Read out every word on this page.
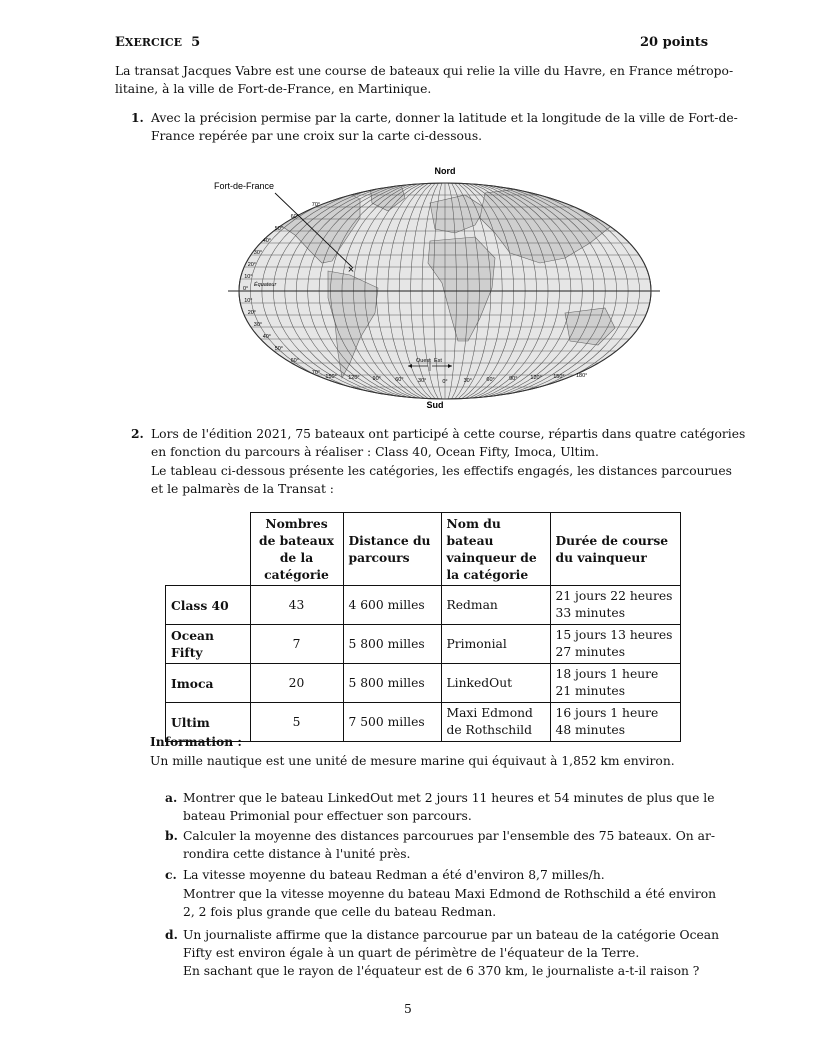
EXERCICE 5	20 points
La transat Jacques Vabre est une course de bateaux qui relie la ville du Havre, en France métropo-
litaine, à la ville de Fort-de-France, en Martinique.
1. Avec la précision permise par la carte, donner la latitude et la longitude de la ville de Fort-de-
France repérée par une croix sur la carte ci-dessous.
Nord
Sud
Fort-de-France
×
Équateur
70°
60°
50°
40°
30°
20°
10°
0°
10°
20°
30°
40°
50°
60°
70°
150° 120° 90°	60°	30°	0°	30°	60°	90° 120° 150° 180°
Ouest Est
2. Lors de l'édition 2021, 75 bateaux ont participé à cette course, répartis dans quatre catégories
en fonction du parcours à réaliser : Class 40, Ocean Fifty, Imoca, Ultim.
Le tableau ci-dessous présente les catégories, les effectifs engagés, les distances parcourues
et le palmarès de la Transat :
	Nombres de bateaux de la catégorie	Distance du parcours	Nom du bateau vainqueur de la catégorie	Durée de course du vainqueur
Class 40	43	4 600 milles	Redman	21 jours 22 heures 33 minutes
Ocean Fifty	7	5 800 milles	Primonial	15 jours 13 heures 27 minutes
Imoca	20	5 800 milles	LinkedOut	18 jours 1 heure 21 minutes
Ultim	5	7 500 milles	Maxi Edmond de Rothschild	16 jours 1 heure 48 minutes
Information :
Un mille nautique est une unité de mesure marine qui équivaut à 1,852 km environ.
a. Montrer que le bateau LinkedOut met 2 jours 11 heures et 54 minutes de plus que le
bateau Primonial pour effectuer son parcours.
b. Calculer la moyenne des distances parcourues par l'ensemble des 75 bateaux. On ar-
rondira cette distance à l'unité près.
c. La vitesse moyenne du bateau Redman a été d'environ 8,7 milles/h.
Montrer que la vitesse moyenne du bateau Maxi Edmond de Rothschild a été environ
2, 2 fois plus grande que celle du bateau Redman.
d. Un journaliste affirme que la distance parcourue par un bateau de la catégorie Ocean
Fifty est environ égale à un quart de périmètre de l'équateur de la Terre.
En sachant que le rayon de l'équateur est de 6 370 km, le journaliste a-t-il raison ?
5
